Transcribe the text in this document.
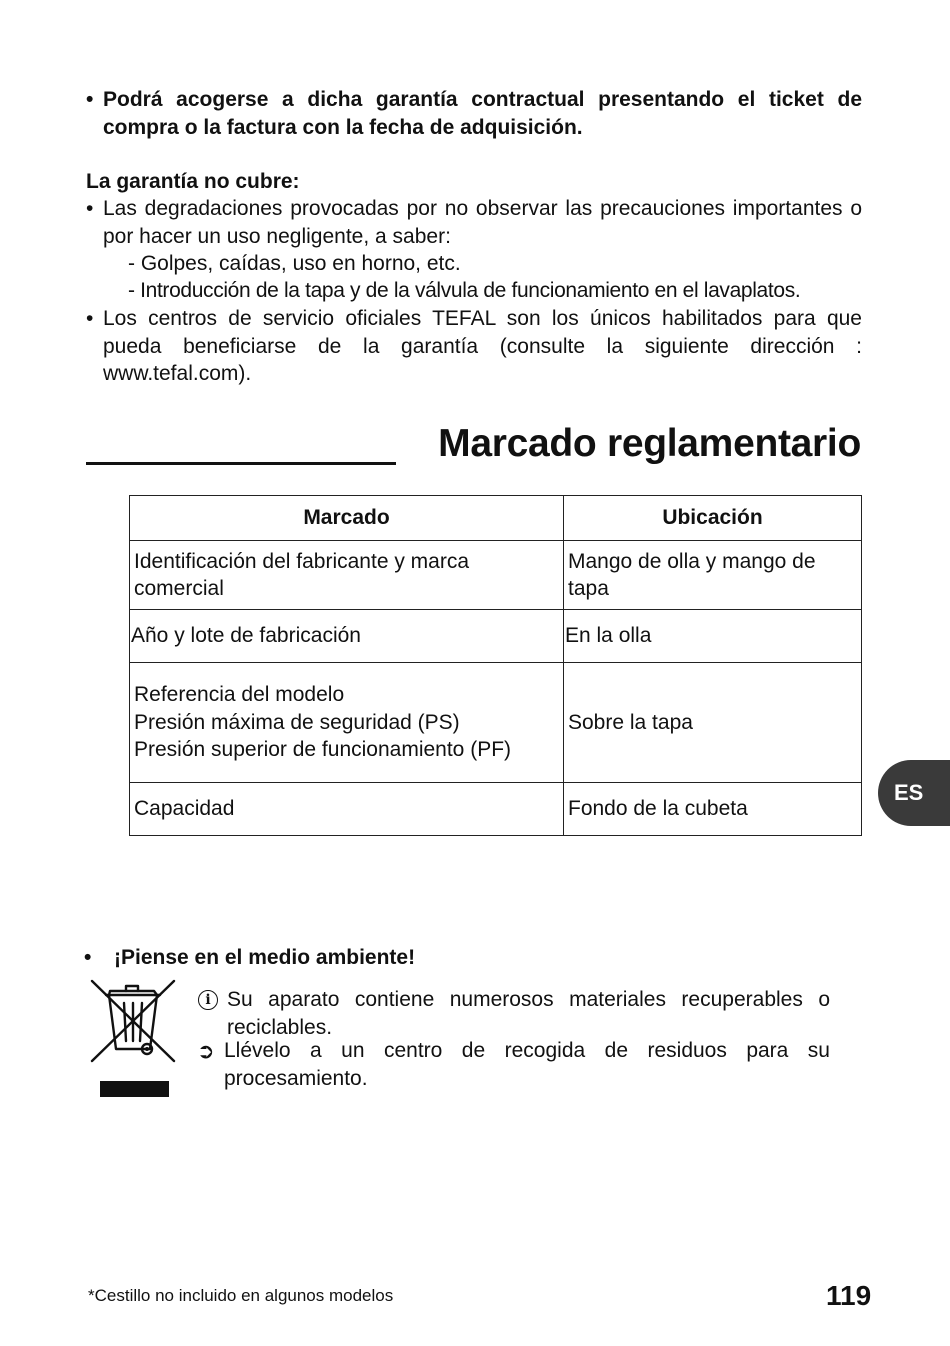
• Podrá acogerse a dicha garantía contractual presentando el ticket de compra o la factura con la fecha de adquisición.

La garantía no cubre:
• Las degradaciones provocadas por no observar las precauciones importantes o por hacer un uso negligente, a saber:

- Golpes, caídas, uso en horno, etc.
- Introducción de la tapa y de la válvula de funcionamiento en el lavaplatos.
• Los centros de servicio oficiales TEFAL son los únicos habilitados para que pueda beneficiarse de la garantía (consulte la siguiente dirección : www.tefal.com).

Marcado reglamentario
Marcado	Ubicación
Identificación del fabricante y marca comercial	Mango de olla y mango de tapa
Año y lote de fabricación	En la olla

Referencia del modelo
Presión máxima de seguridad (PS)
Presión superior de funcionamiento (PF)	Sobre la tapa
Capacidad	Fondo de la cubeta
ES
• ¡Piense en el medio ambiente!
i Su aparato contiene numerosos materiales recuperables o reciclables.

➲ Llévelo a un centro de recogida de residuos para su procesamiento.

*Cestillo no incluido en algunos modelos	119
